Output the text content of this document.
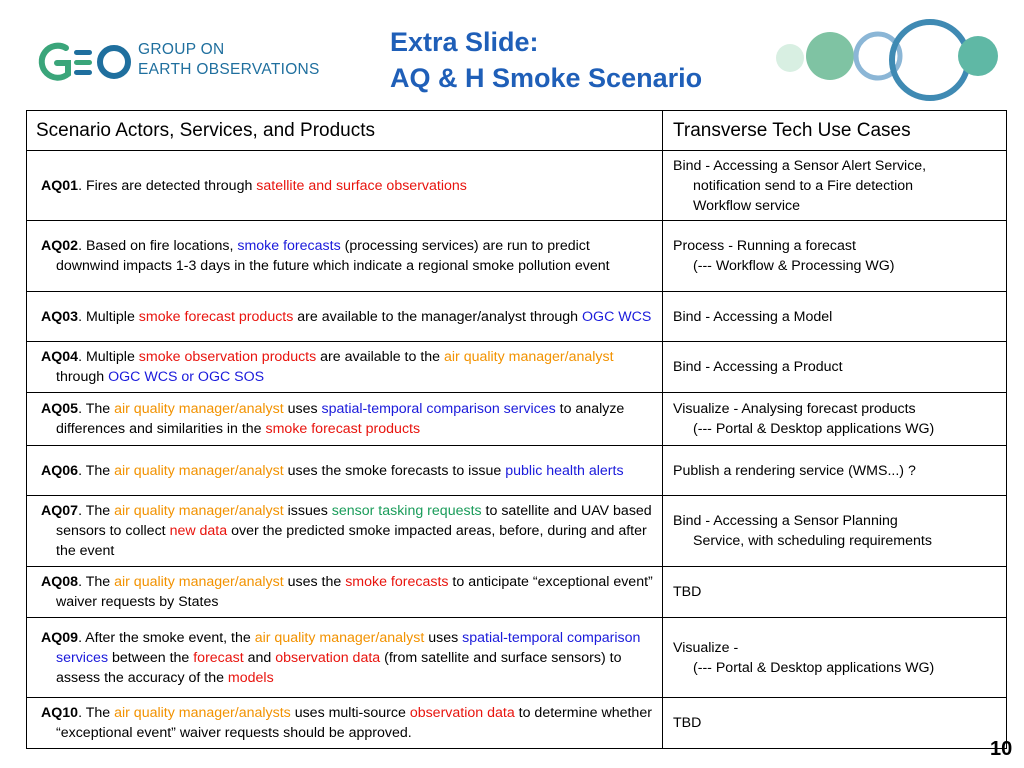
GROUP ON
EARTH OBSERVATIONS
Extra Slide:
AQ & H Smoke Scenario
Scenario Actors, Services, and Products	Transverse Tech Use Cases

AQ01. Fires are detected through satellite and surface observations	Bind - Accessing a Sensor Alert Service,
notification send to a Fire detection
Workflow service

AQ02. Based on fire locations, smoke forecasts (processing services) are run to predict downwind impacts 1-3 days in the future which indicate a regional smoke pollution event	Process - Running a forecast
(--- Workflow & Processing WG)

AQ03. Multiple smoke forecast products are available to the manager/analyst through OGC WCS	Bind - Accessing a Model

AQ04. Multiple smoke observation products are available to the air quality manager/analyst through OGC WCS or OGC SOS	Bind - Accessing a Product

AQ05. The air quality manager/analyst uses spatial-temporal comparison services to analyze differences and similarities in the smoke forecast products	Visualize - Analysing forecast products
(--- Portal & Desktop applications WG)

AQ06. The air quality manager/analyst uses the smoke forecasts to issue public health alerts	Publish a rendering service (WMS...) ?

AQ07. The air quality manager/analyst issues sensor tasking requests to satellite and UAV based sensors to collect new data over the predicted smoke impacted areas, before, during and after the event	Bind - Accessing a Sensor Planning
Service, with scheduling requirements

AQ08. The air quality manager/analyst uses the smoke forecasts to anticipate “exceptional event” waiver requests by States	TBD

AQ09. After the smoke event, the air quality manager/analyst uses spatial-temporal comparison services between the forecast and observation data (from satellite and surface sensors) to assess the accuracy of the models	Visualize -
(--- Portal & Desktop applications WG)

AQ10. The air quality manager/analysts uses multi-source observation data to determine whether “exceptional event” waiver requests should be approved.	TBD
10
